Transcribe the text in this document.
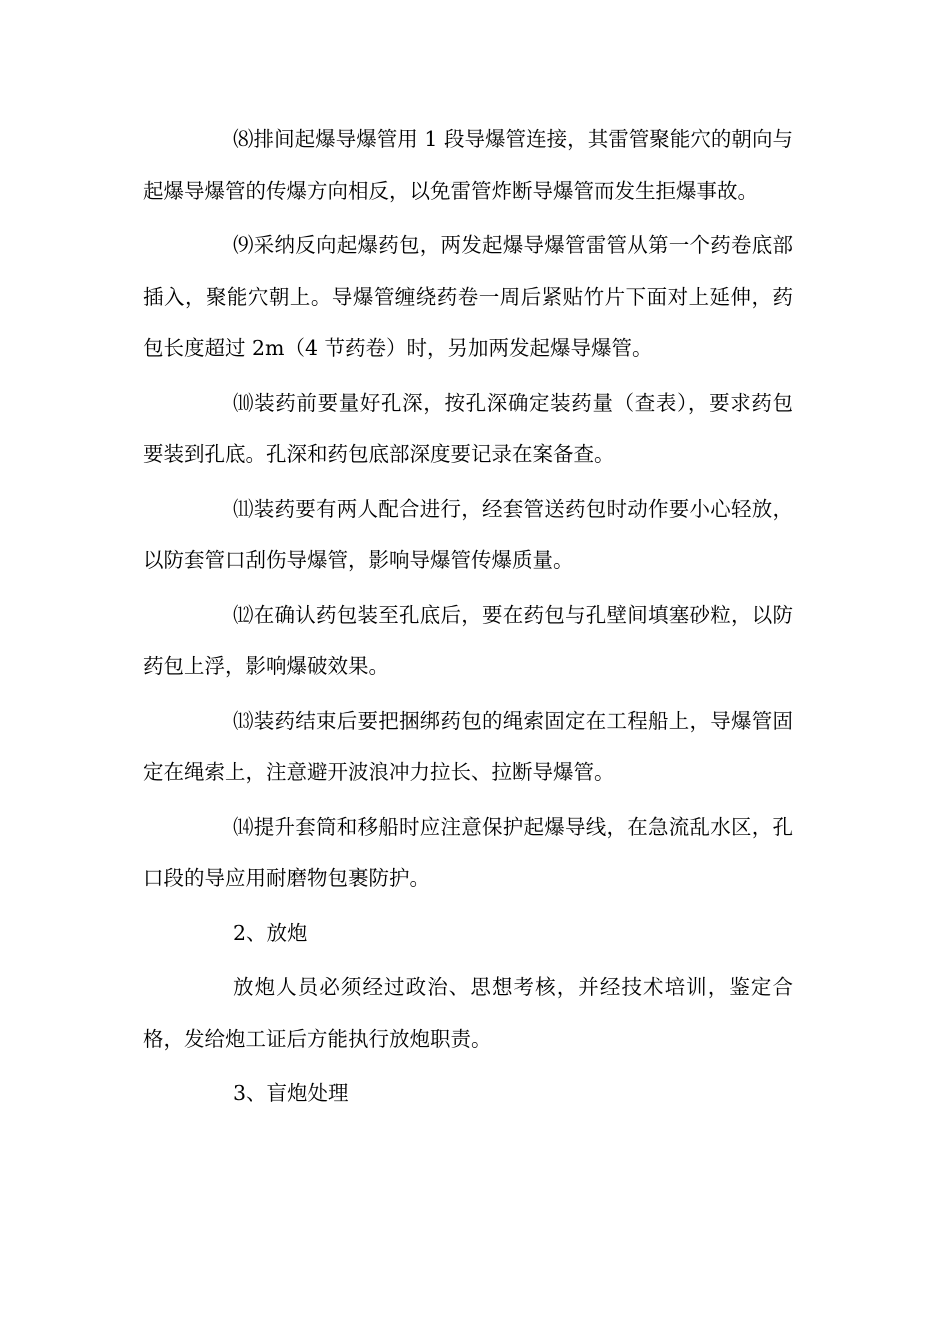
⑻排间起爆导爆管用 1 段导爆管连接，其雷管聚能穴的朝向与起爆导爆管的传爆方向相反，以免雷管炸断导爆管而发生拒爆事故。

⑼采纳反向起爆药包，两发起爆导爆管雷管从第一个药卷底部插入，聚能穴朝上。导爆管缠绕药卷一周后紧贴竹片下面对上延伸，药包长度超过 2m（4 节药卷）时，另加两发起爆导爆管。

⑽装药前要量好孔深，按孔深确定装药量（查表），要求药包要装到孔底。孔深和药包底部深度要记录在案备查。

⑾装药要有两人配合进行，经套管送药包时动作要小心轻放，以防套管口刮伤导爆管，影响导爆管传爆质量。

⑿在确认药包装至孔底后，要在药包与孔壁间填塞砂粒，以防药包上浮，影响爆破效果。

⒀装药结束后要把捆绑药包的绳索固定在工程船上，导爆管固定在绳索上，注意避开波浪冲力拉长、拉断导爆管。

⒁提升套筒和移船时应注意保护起爆导线，在急流乱水区，孔口段的导应用耐磨物包裹防护。

2、放炮

放炮人员必须经过政治、思想考核，并经技术培训，鉴定合格，发给炮工证后方能执行放炮职责。

3、盲炮处理
